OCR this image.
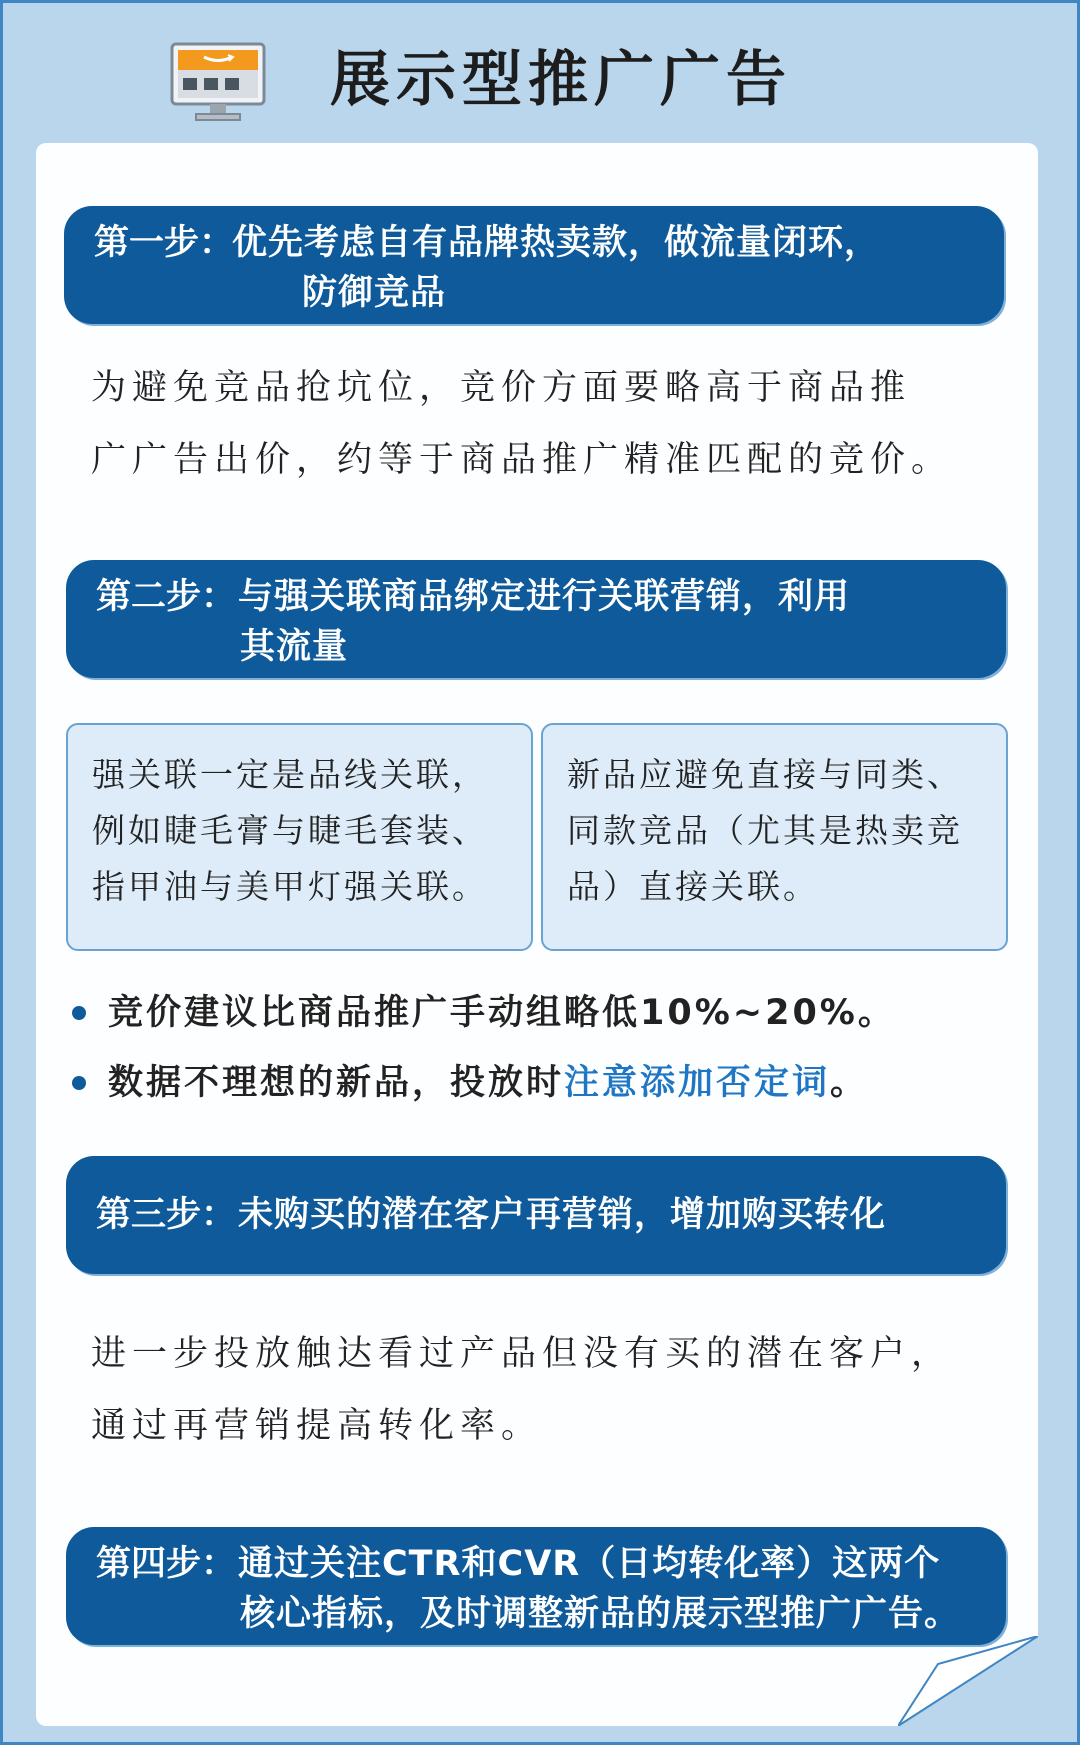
展示型推广广告
第一步：
优先考虑自有品牌热卖款，做流量闭环，
防御竞品
为避免竞品抢坑位，竞价方面要略高于商品推
广广告出价，约等于商品推广精准匹配的竞价。
第二步： 与强关联商品绑定进行关联营销，利用
其流量
强关联一定是品线关联，
例如睫毛膏与睫毛套装、
指甲油与美甲灯强关联。
新品应避免直接与同类、
同款竞品（尤其是热卖竞
品）直接关联。
竞价建议比商品推广手动组略低10%~20%。
数据不理想的新品，投放时注意添加否定词。
第三步： 未购买的潜在客户再营销，增加购买转化
进一步投放触达看过产品但没有买的潜在客户，
通过再营销提高转化率。
第四步： 通过关注CTR和CVR（日均转化率）这两个
核心指标，及时调整新品的展示型推广广告。
